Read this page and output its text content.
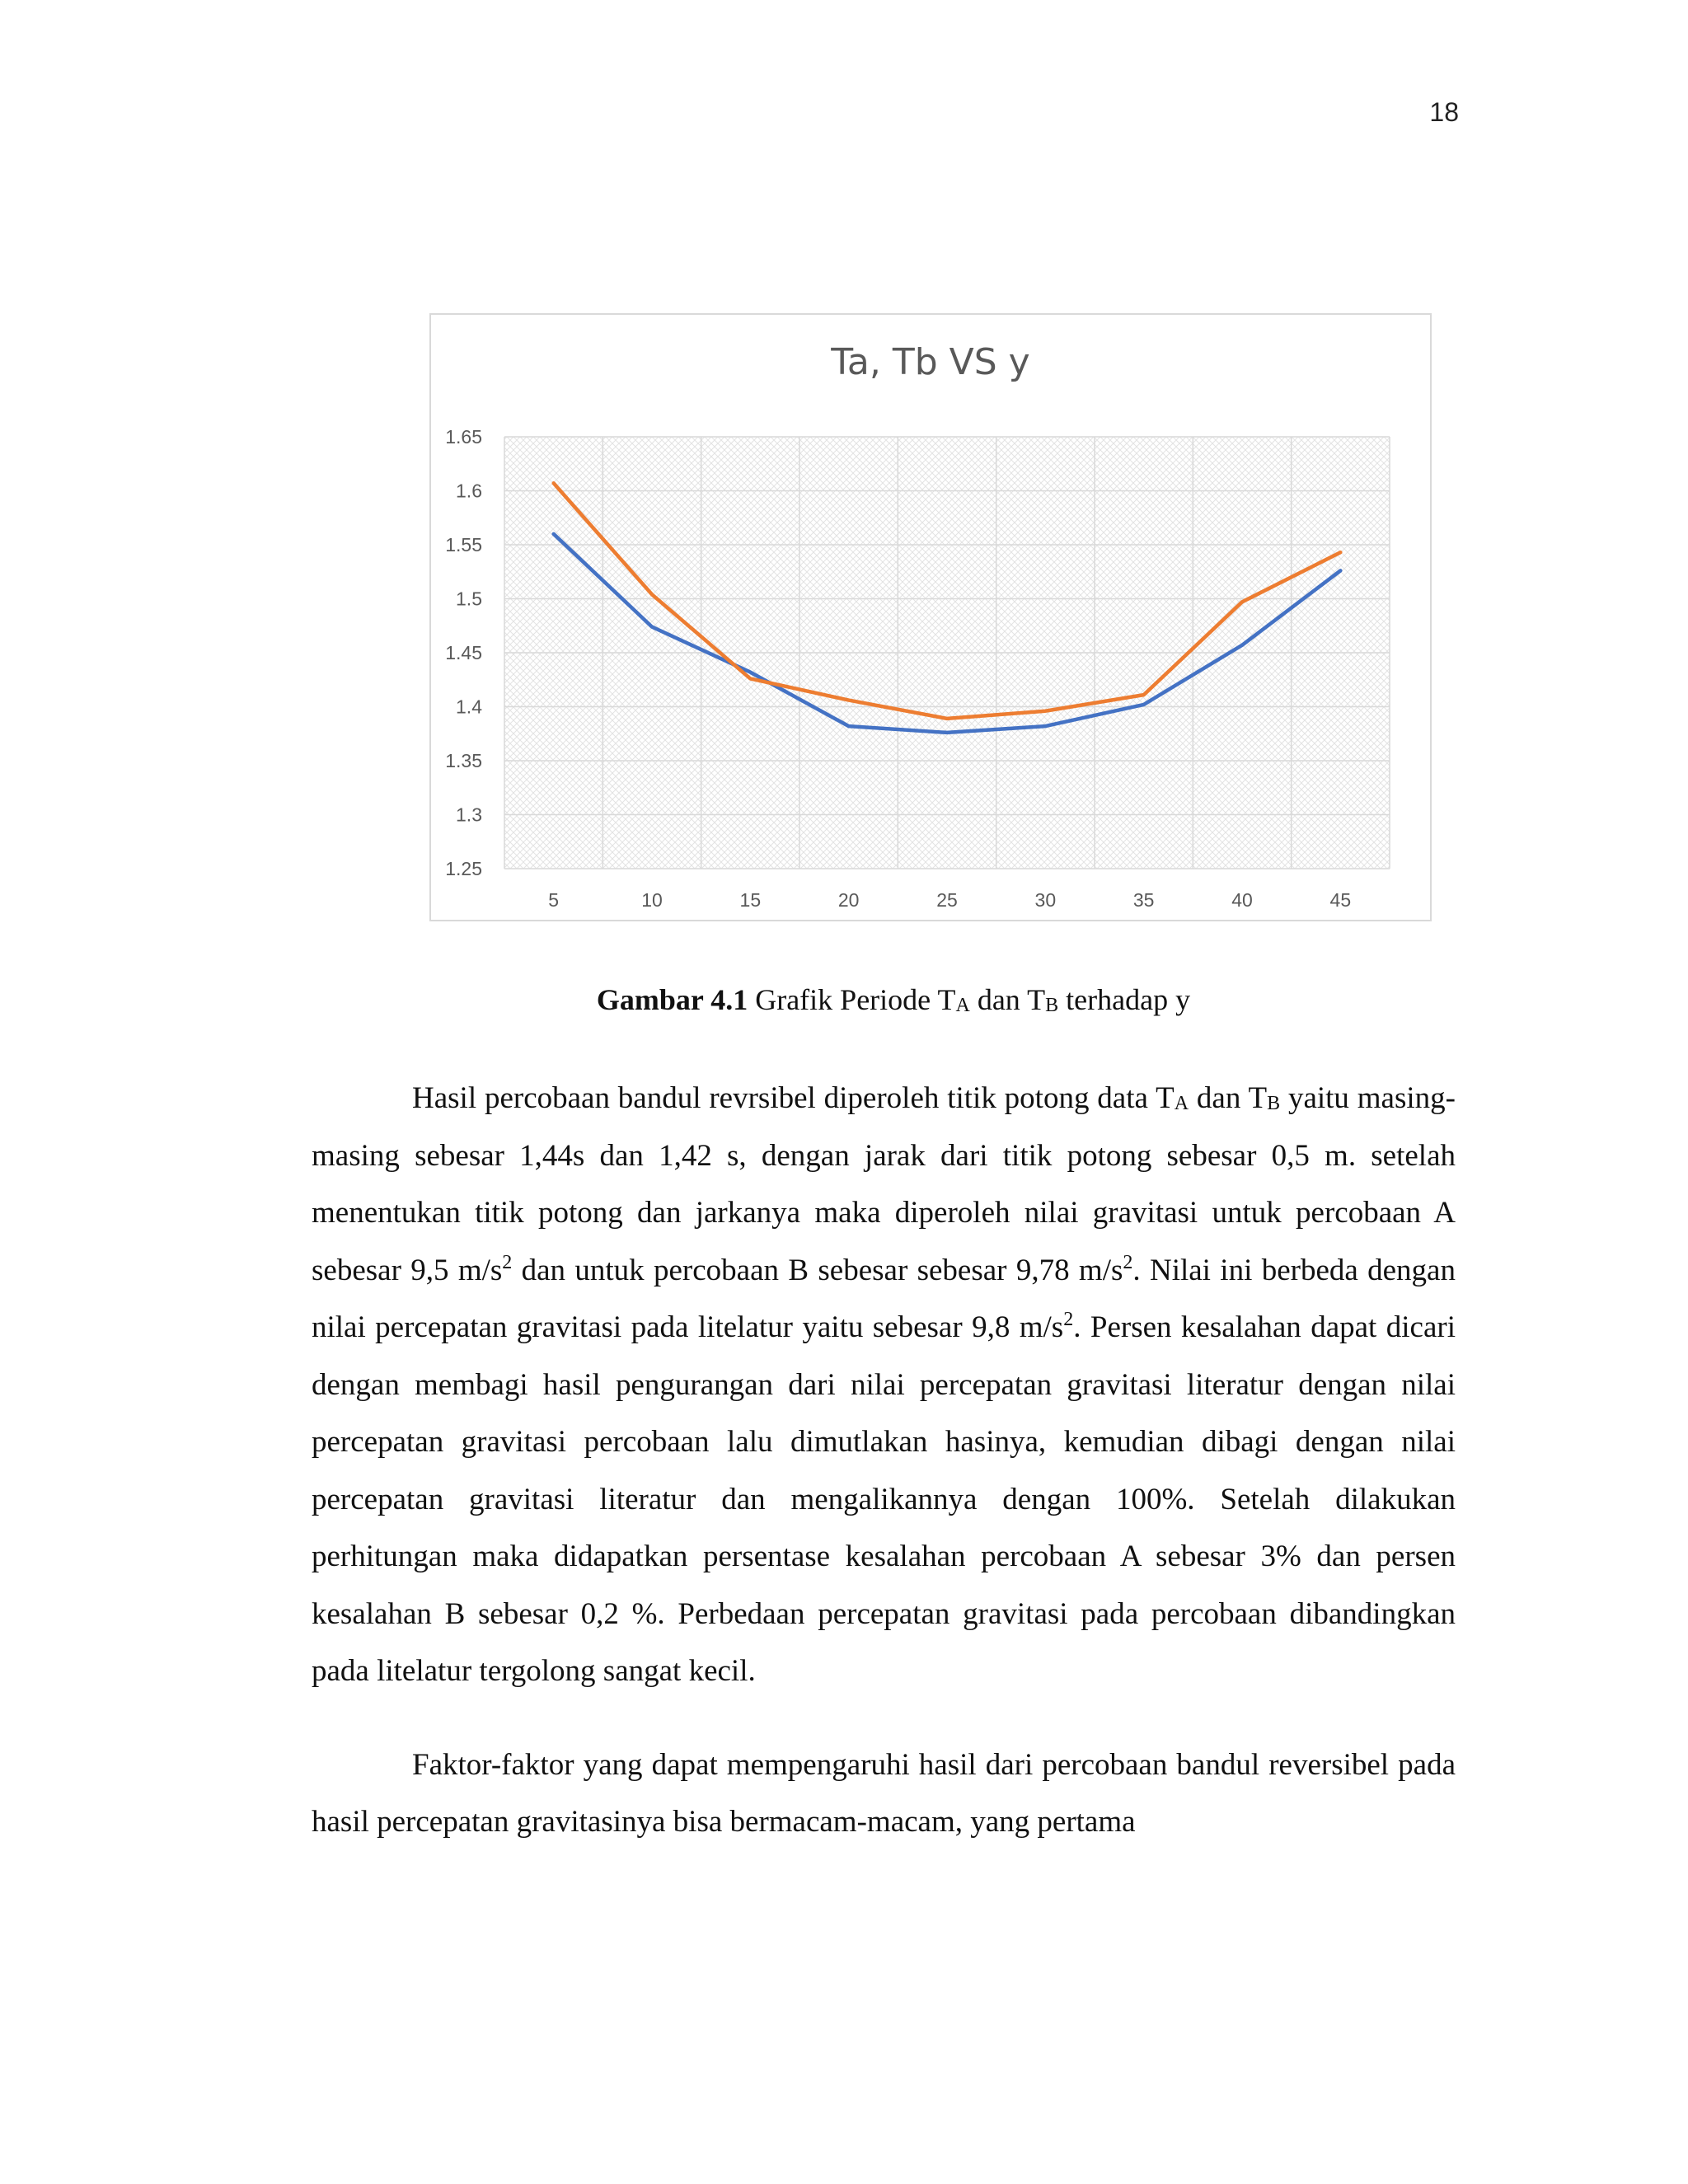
18
Ta, Tb VS y
1.65
1.6
1.55
1.5
1.45
1.4
1.35
1.3
1.25
5	10	15	20	25	30	35	40	45
Gambar 4.1 Grafik Periode $T_A$ dan $T_B$ terhadap y

Hasil percobaan bandul revrsibel diperoleh titik potong data $T_A$ dan $T_B$ yaitu masing-masing sebesar 1,44s dan 1,42 s, dengan jarak dari titik potong sebesar 0,5 m. setelah menentukan titik potong dan jarkanya maka diperoleh nilai gravitasi untuk percobaan A sebesar 9,5 $m/s^2$ dan untuk percobaan B sebesar sebesar 9,78 $m/s^2$. Nilai ini berbeda dengan nilai percepatan gravitasi pada litelatur yaitu sebesar 9,8 $m/s^2$. Persen kesalahan dapat dicari dengan membagi hasil pengurangan dari nilai percepatan gravitasi literatur dengan nilai percepatan gravitasi percobaan lalu dimutlakan hasinya, kemudian dibagi dengan nilai percepatan gravitasi literatur dan mengalikannya dengan 100%. Setelah dilakukan perhitungan maka didapatkan persentase kesalahan percobaan A sebesar 3% dan persen kesalahan B sebesar 0,2 %. Perbedaan percepatan gravitasi pada percobaan dibandingkan pada litelatur tergolong sangat kecil.

Faktor-faktor yang dapat mempengaruhi hasil dari percobaan bandul reversibel pada hasil percepatan gravitasinya bisa bermacam-macam, yang pertama
